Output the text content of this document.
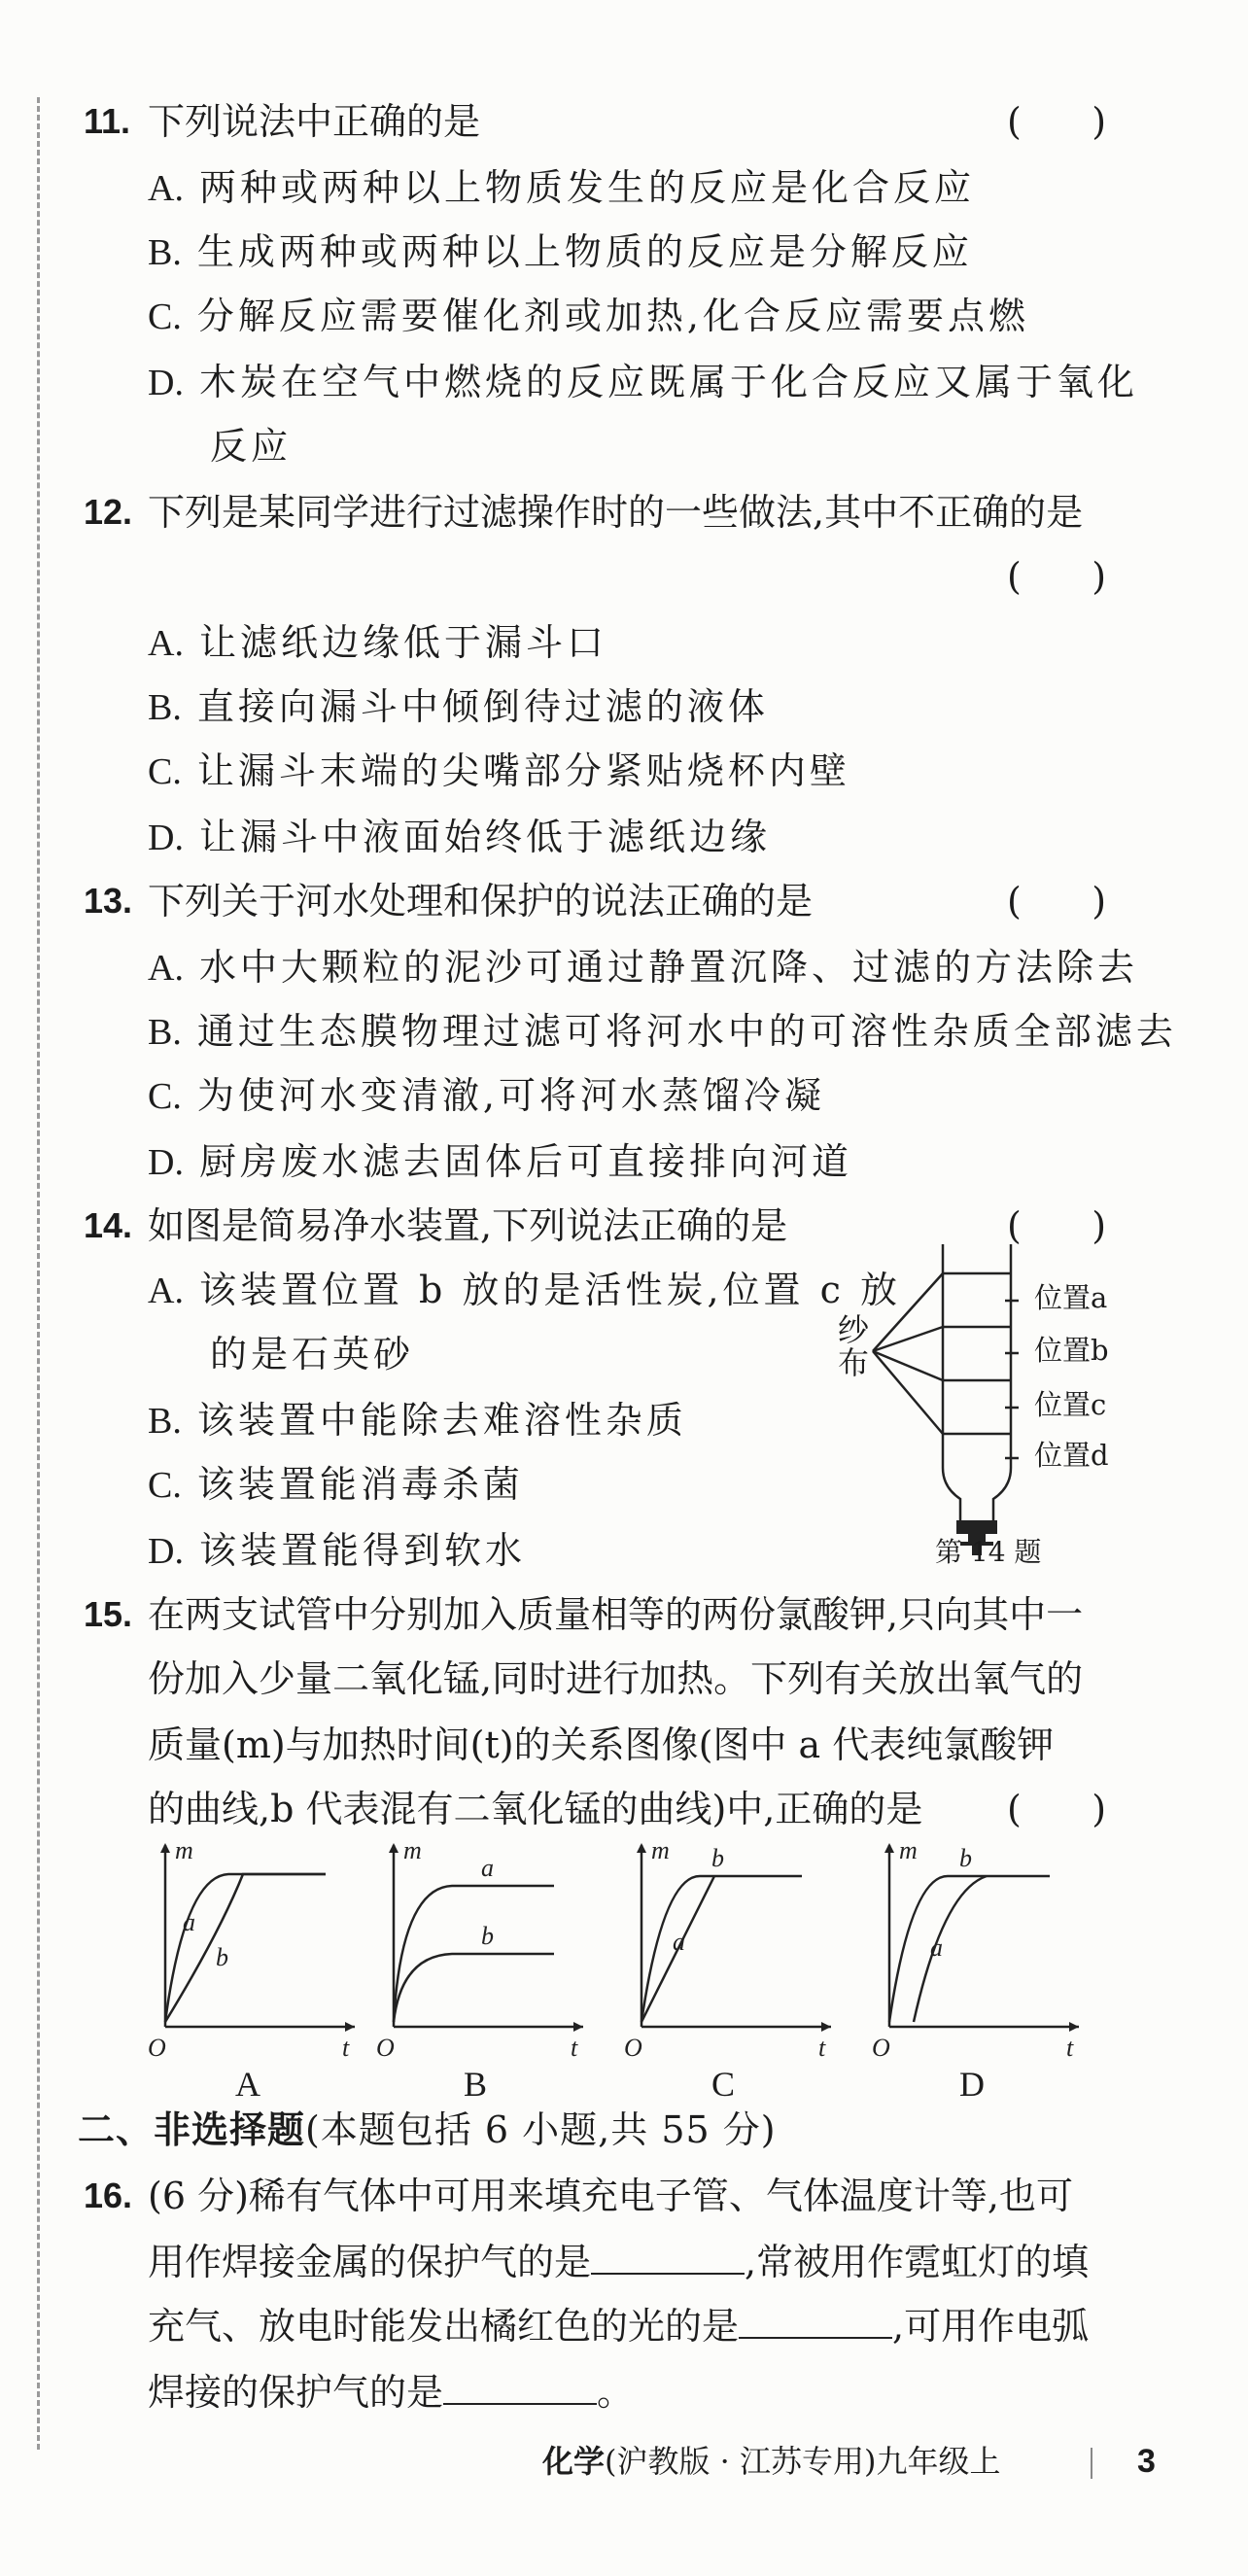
11. 下列说法中正确的是	(      )
A. 两种或两种以上物质发生的反应是化合反应
B. 生成两种或两种以上物质的反应是分解反应
C. 分解反应需要催化剂或加热,化合反应需要点燃
D. 木炭在空气中燃烧的反应既属于化合反应又属于氧化
反应
12. 下列是某同学进行过滤操作时的一些做法,其中不正确的是
(      )
A. 让滤纸边缘低于漏斗口
B. 直接向漏斗中倾倒待过滤的液体
C. 让漏斗末端的尖嘴部分紧贴烧杯内壁
D. 让漏斗中液面始终低于滤纸边缘
13. 下列关于河水处理和保护的说法正确的是	(      )
A. 水中大颗粒的泥沙可通过静置沉降、过滤的方法除去
B. 通过生态膜物理过滤可将河水中的可溶性杂质全部滤去
C. 为使河水变清澈,可将河水蒸馏冷凝
D. 厨房废水滤去固体后可直接排向河道
14. 如图是简易净水装置,下列说法正确的是	(      )
A. 该装置位置 b 放的是活性炭,位置 c 放
的是石英砂
B. 该装置中能除去难溶性杂质
C. 该装置能消毒杀菌
D. 该装置能得到软水
纱
布
位置a
位置b
位置c
位置d
第 14 题
15. 在两支试管中分别加入质量相等的两份氯酸钾,只向其中一
份加入少量二氧化锰,同时进行加热。下列有关放出氧气的
质量(m)与加热时间(t)的关系图像(图中 a 代表纯氯酸钾
的曲线,b 代表混有二氧化锰的曲线)中,正确的是 (      )
m
t
O
a
b
A
m
t
O
a
b
B
m
t
O
b
a
C
m
t
O
b
a
D
二、非选择题(本题包括 6 小题,共 55 分)
16. (6 分)稀有气体中可用来填充电子管、气体温度计等,也可
用作焊接金属的保护气的是	,常被用作霓虹灯的填
充气、放电时能发出橘红色的光的是	,可用作电弧
焊接的保护气的是	。
化学(沪教版 · 江苏专用)九年级上	3
